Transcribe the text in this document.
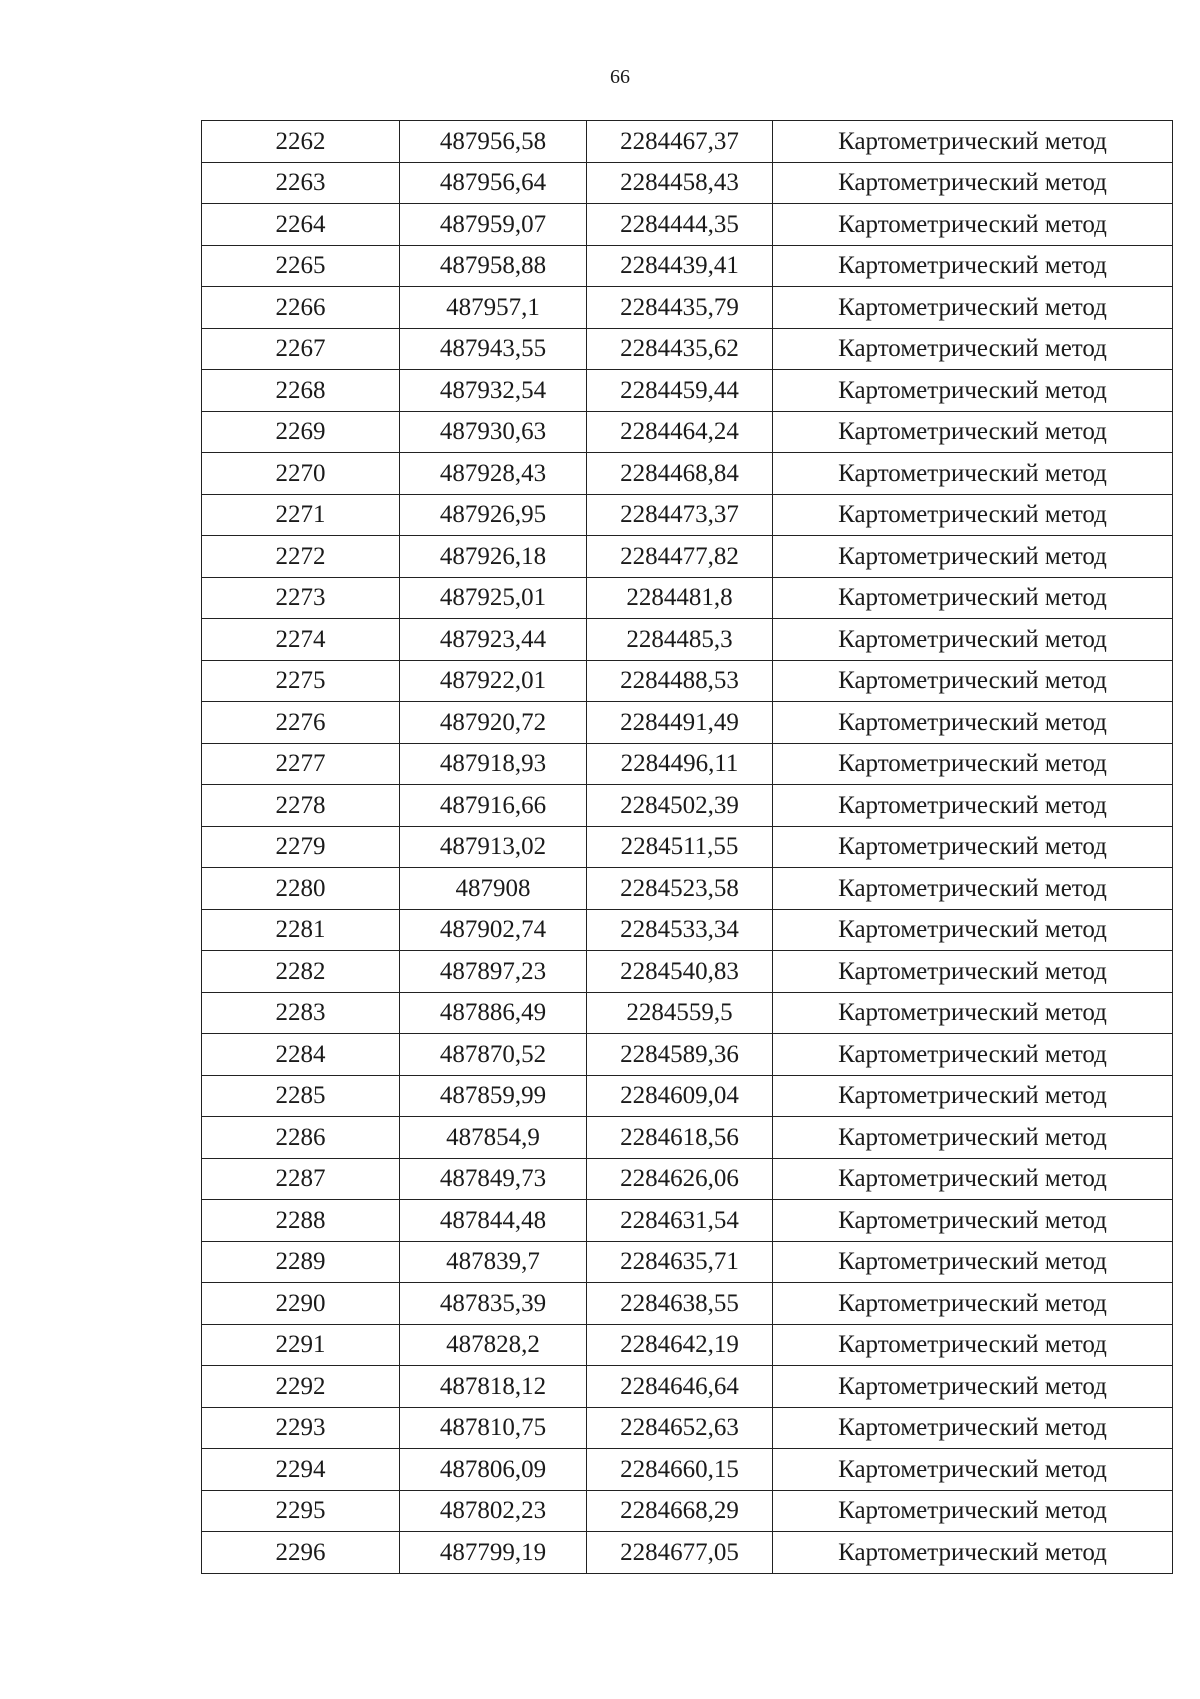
66
2262	487956,58	2284467,37	Картометрический метод
2263	487956,64	2284458,43	Картометрический метод
2264	487959,07	2284444,35	Картометрический метод
2265	487958,88	2284439,41	Картометрический метод
2266	487957,1	2284435,79	Картометрический метод
2267	487943,55	2284435,62	Картометрический метод
2268	487932,54	2284459,44	Картометрический метод
2269	487930,63	2284464,24	Картометрический метод
2270	487928,43	2284468,84	Картометрический метод
2271	487926,95	2284473,37	Картометрический метод
2272	487926,18	2284477,82	Картометрический метод
2273	487925,01	2284481,8	Картометрический метод
2274	487923,44	2284485,3	Картометрический метод
2275	487922,01	2284488,53	Картометрический метод
2276	487920,72	2284491,49	Картометрический метод
2277	487918,93	2284496,11	Картометрический метод
2278	487916,66	2284502,39	Картометрический метод
2279	487913,02	2284511,55	Картометрический метод
2280	487908	2284523,58	Картометрический метод
2281	487902,74	2284533,34	Картометрический метод
2282	487897,23	2284540,83	Картометрический метод
2283	487886,49	2284559,5	Картометрический метод
2284	487870,52	2284589,36	Картометрический метод
2285	487859,99	2284609,04	Картометрический метод
2286	487854,9	2284618,56	Картометрический метод
2287	487849,73	2284626,06	Картометрический метод
2288	487844,48	2284631,54	Картометрический метод
2289	487839,7	2284635,71	Картометрический метод
2290	487835,39	2284638,55	Картометрический метод
2291	487828,2	2284642,19	Картометрический метод
2292	487818,12	2284646,64	Картометрический метод
2293	487810,75	2284652,63	Картометрический метод
2294	487806,09	2284660,15	Картометрический метод
2295	487802,23	2284668,29	Картометрический метод
2296	487799,19	2284677,05	Картометрический метод
